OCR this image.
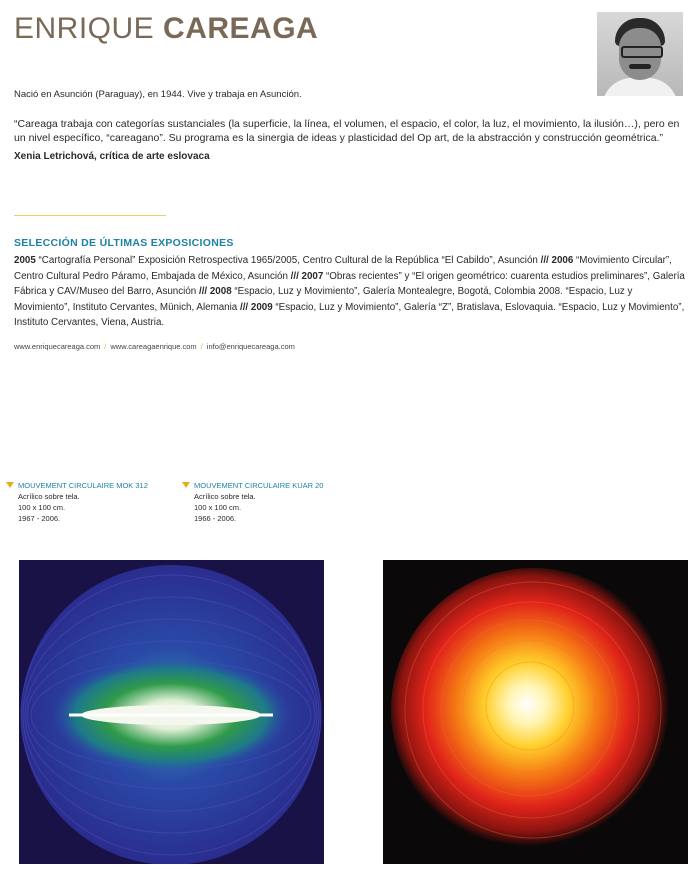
ENRIQUE CAREAGA
Nació en Asunción (Paraguay), en 1944. Vive y trabaja en Asunción.
“Careaga trabaja con categorías sustanciales (la superficie, la línea, el volumen, el espacio, el color, la luz, el movimiento, la ilusión…), pero en un nivel específico, “careagano”. Su programa es la sinergia de ideas y plasticidad del Op art, de la abstracción y construcción geométrica.”
Xenia Letrichová, crítica de arte eslovaca
SELECCIÓN DE ÚLTIMAS EXPOSICIONES
2005 “Cartografía Personal” Exposición Retrospectiva 1965/2005, Centro Cultural de la República “El Cabildo”, Asunción /// 2006 “Movimiento Circular”, Centro Cultural Pedro Páramo, Embajada de México, Asunción /// 2007 “Obras recientes” y “El origen geométrico: cuarenta estudios preliminares”, Galería Fábrica y CAV/Museo del Barro, Asunción /// 2008 “Espacio, Luz y Movimiento”, Galería Montealegre, Bogotá, Colombia 2008. “Espacio, Luz y Movimiento”, Instituto Cervantes, Münich, Alemania /// 2009 “Espacio, Luz y Movimiento”, Galería “Z”, Bratislava, Eslovaquia. “Espacio, Luz y Movimiento”, Instituto Cervantes, Viena, Austria.
www.enriquecareaga.com / www.careagaenrique.com / info@enriquecareaga.com
MOUVEMENT CIRCULAIRE MOK 312
Acrílico sobre tela.
100 x 100 cm.
1967 - 2006.
MOUVEMENT CIRCULAIRE KUAR 20
Acrílico sobre tela.
100 x 100 cm.
1966 - 2006.
